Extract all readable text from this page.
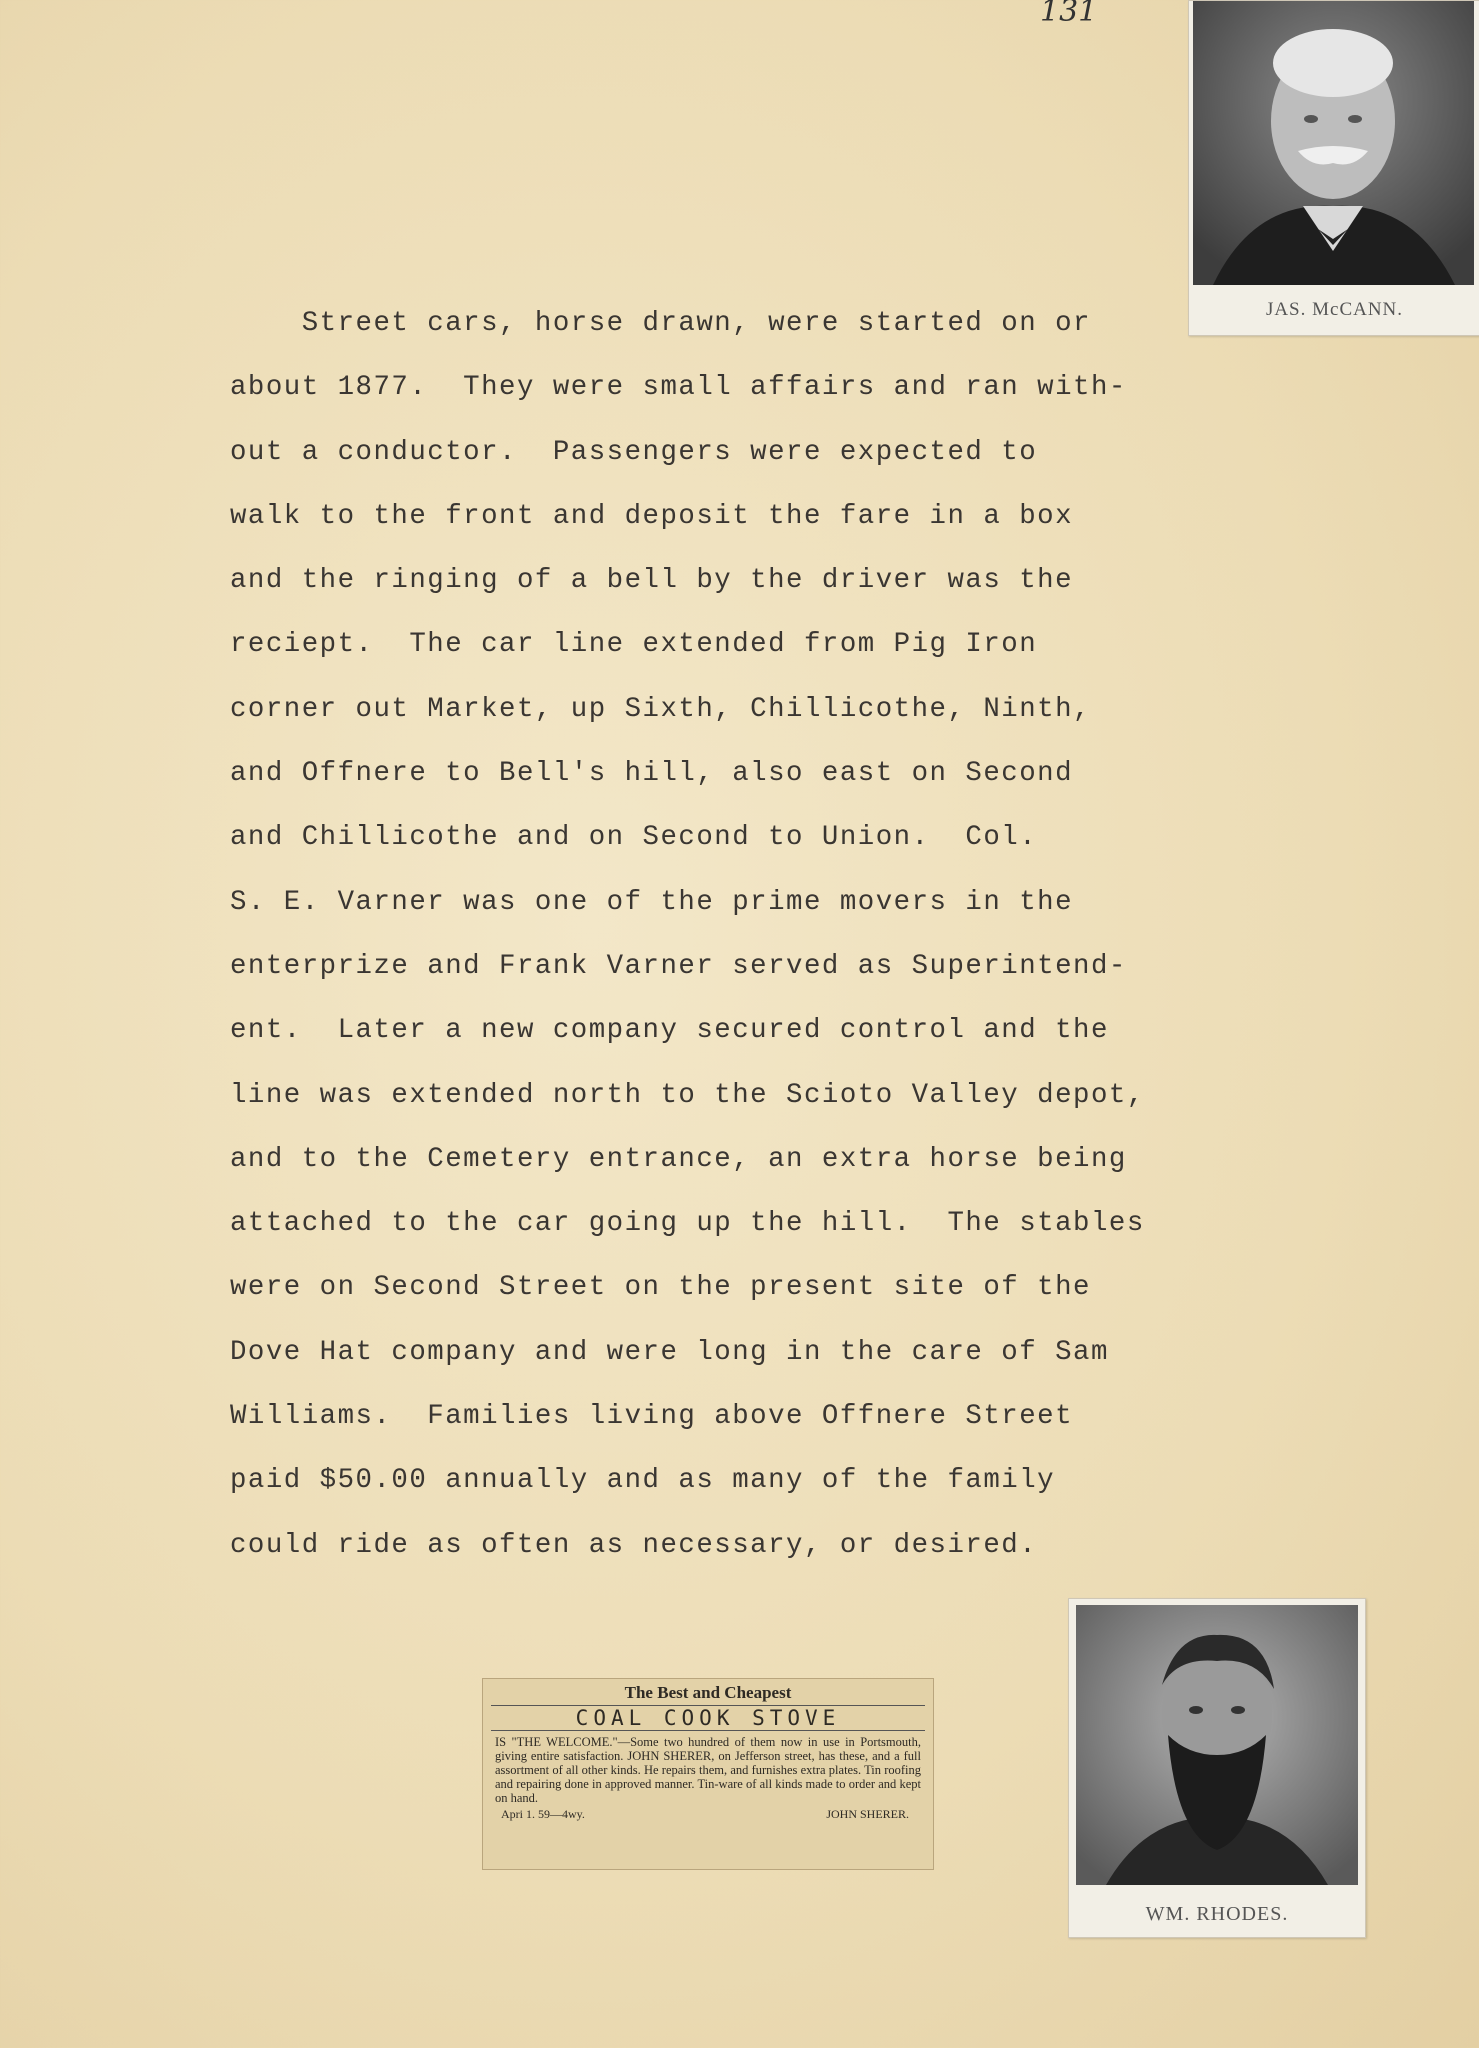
131
Street cars, horse drawn, were started on or
about 1877.  They were small affairs and ran with-
out a conductor.  Passengers were expected to
walk to the front and deposit the fare in a box
and the ringing of a bell by the driver was the
reciept.  The car line extended from Pig Iron
corner out Market, up Sixth, Chillicothe, Ninth,
and Offnere to Bell's hill, also east on Second
and Chillicothe and on Second to Union.  Col.
S. E. Varner was one of the prime movers in the
enterprize and Frank Varner served as Superintend-
ent.  Later a new company secured control and the
line was extended north to the Scioto Valley depot,
and to the Cemetery entrance, an extra horse being
attached to the car going up the hill.  The stables
were on Second Street on the present site of the
Dove Hat company and were long in the care of Sam
Williams.  Families living above Offnere Street
paid $50.00 annually and as many of the family
could ride as often as necessary, or desired.
JAS. McCANN.
The Best and Cheapest
COAL COOK STOVE

IS "THE WELCOME."—Some two hundred of them now in use in Portsmouth, giving entire satisfaction. JOHN SHERER, on Jefferson street, has these, and a full assortment of all other kinds. He repairs them, and furnishes extra plates. Tin roofing and repairing done in approved manner. Tin-ware of all kinds made to order and kept on hand.

Apri 1. 59—4wy.	JOHN SHERER.
WM. RHODES.
